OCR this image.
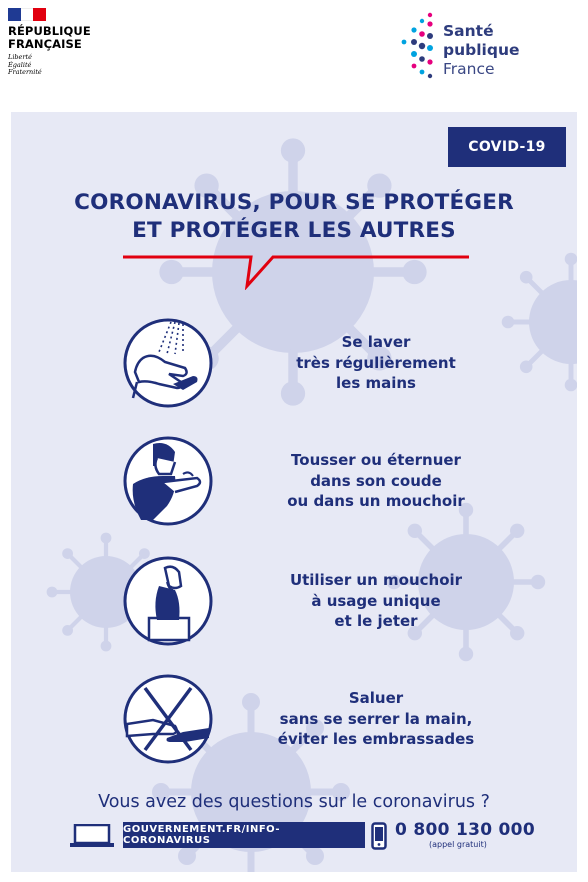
RÉPUBLIQUE
FRANÇAISE
Liberté
Égalité
Fraternité
Santé
publique
France
COVID-19
CORONAVIRUS, POUR SE PROTÉGER
ET PROTÉGER LES AUTRES
Se laver
très régulièrement
les mains
Tousser ou éternuer
dans son coude
ou dans un mouchoir
Utiliser un mouchoir
à usage unique
et le jeter
Saluer
sans se serrer la main,
éviter les embrassades
Vous avez des questions sur le coronavirus ?
GOUVERNEMENT.FR/INFO-CORONAVIRUS
0 800 130 000
(appel gratuit)
